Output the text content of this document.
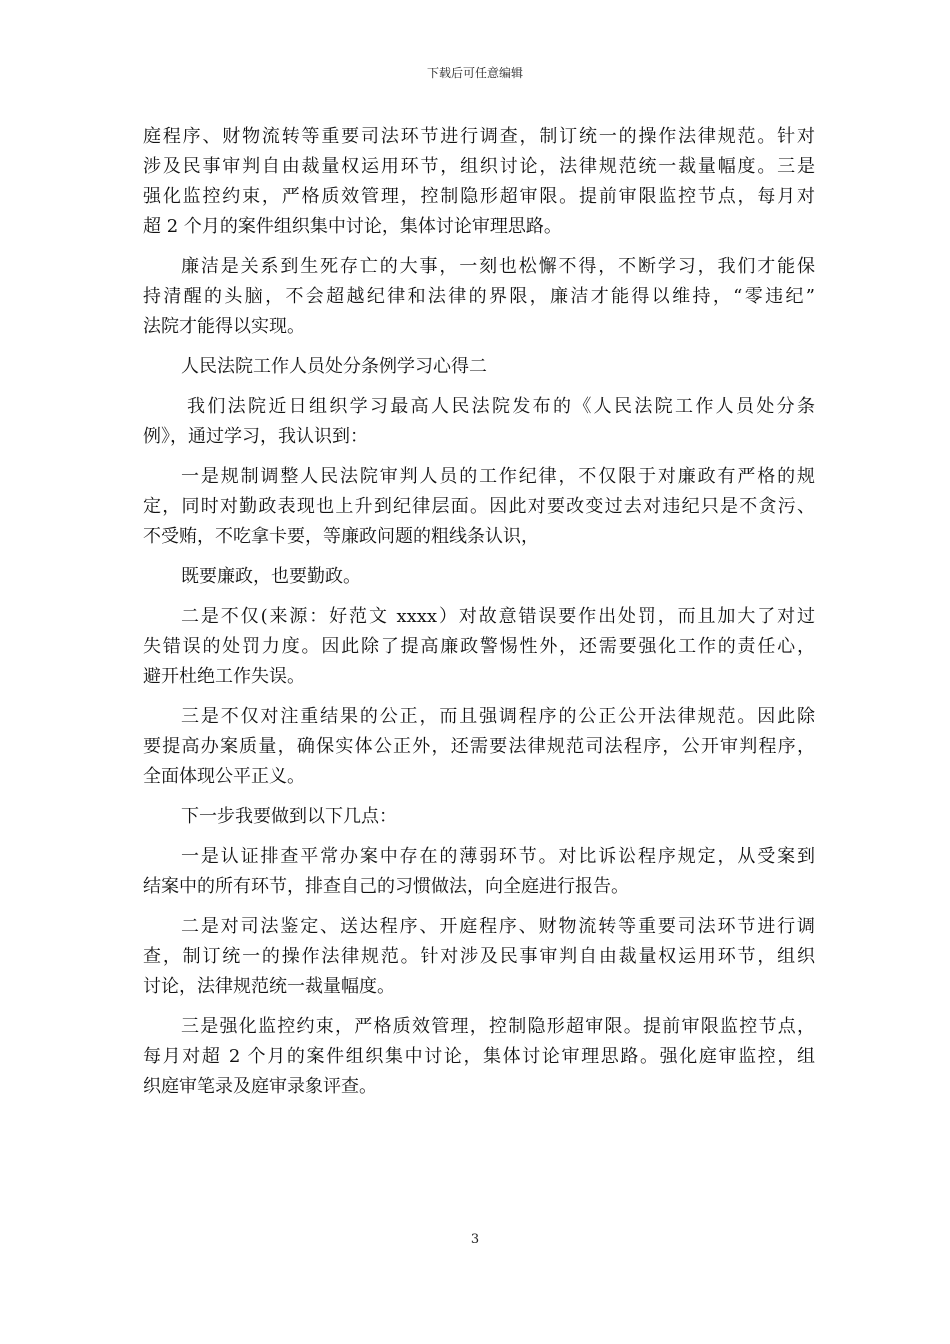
下载后可任意编辑
庭程序、财物流转等重要司法环节进行调查，制订统一的操作法律规范。针对
涉及民事审判自由裁量权运用环节，组织讨论，法律规范统一裁量幅度。三是
强化监控约束，严格质效管理，控制隐形超审限。提前审限监控节点，每月对
超 2 个月的案件组织集中讨论，集体讨论审理思路。
廉洁是关系到生死存亡的大事，一刻也松懈不得，不断学习，我们才能保
持清醒的头脑，不会超越纪律和法律的界限，廉洁才能得以维持，“零违纪”
法院才能得以实现。
人民法院工作人员处分条例学习心得二
我们法院近日组织学习最高人民法院发布的《人民法院工作人员处分条
例》，通过学习，我认识到：
一是规制调整人民法院审判人员的工作纪律，不仅限于对廉政有严格的规
定，同时对勤政表现也上升到纪律层面。因此对要改变过去对违纪只是不贪污、
不受贿，不吃拿卡要，等廉政问题的粗线条认识，
既要廉政，也要勤政。
二是不仅(来源：好范文 xxxx）对故意错误要作出处罚，而且加大了对过
失错误的处罚力度。因此除了提高廉政警惕性外，还需要强化工作的责任心，
避开杜绝工作失误。
三是不仅对注重结果的公正，而且强调程序的公正公开法律规范。因此除
要提高办案质量，确保实体公正外，还需要法律规范司法程序，公开审判程序，
全面体现公平正义。
下一步我要做到以下几点：
一是认证排查平常办案中存在的薄弱环节。对比诉讼程序规定，从受案到
结案中的所有环节，排查自己的习惯做法，向全庭进行报告。
二是对司法鉴定、送达程序、开庭程序、财物流转等重要司法环节进行调
查，制订统一的操作法律规范。针对涉及民事审判自由裁量权运用环节，组织
讨论，法律规范统一裁量幅度。
三是强化监控约束，严格质效管理，控制隐形超审限。提前审限监控节点，
每月对超 2 个月的案件组织集中讨论，集体讨论审理思路。强化庭审监控，组
织庭审笔录及庭审录象评查。
3
